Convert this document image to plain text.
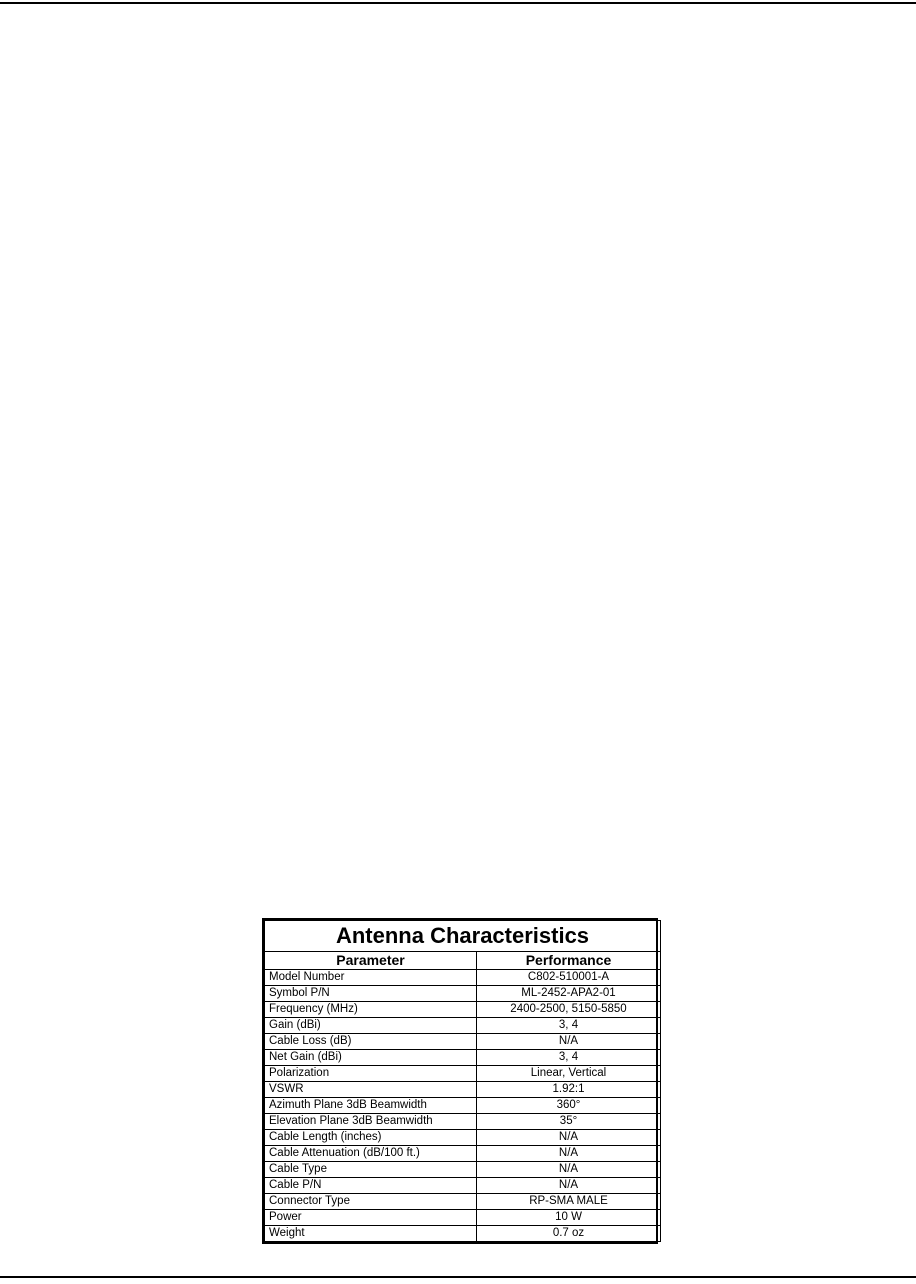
Antenna Characteristics	
Parameter	Performance
Model Number	C802-510001-A
Symbol P/N	ML-2452-APA2-01
Frequency (MHz)	2400-2500, 5150-5850
Gain (dBi)	3, 4
Cable Loss (dB)	N/A
Net Gain (dBi)	3, 4
Polarization	Linear, Vertical
VSWR	1.92:1
Azimuth Plane 3dB Beamwidth	360°
Elevation Plane 3dB Beamwidth	35°
Cable Length (inches)	N/A
Cable Attenuation (dB/100 ft.)	N/A
Cable Type	N/A
Cable P/N	N/A
Connector Type	RP-SMA MALE
Power	10 W
Weight	0.7 oz
